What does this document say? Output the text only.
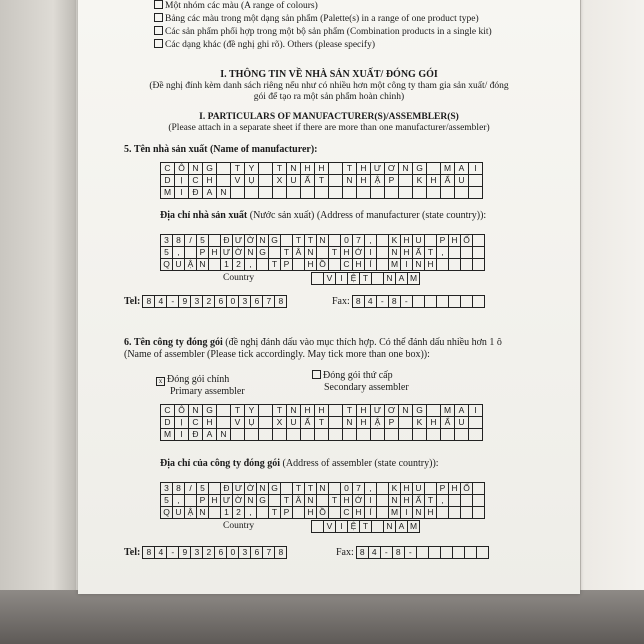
Một nhóm các màu (A range of colours)
Bảng các màu trong một dạng sản phẩm (Palette(s) in a range of one product type)
Các sản phẩm phối hợp trong một bộ sản phẩm (Combination products in a single kit)
Các dạng khác (đề nghị ghi rõ). Others (please specify)
I. THÔNG TIN VỀ NHÀ SẢN XUẤT/ ĐÓNG GÓI
(Đề nghị đính kèm danh sách riêng nếu như có nhiều hơn một công ty tham gia sản xuất/ đóng
gói để tạo ra một sản phẩm hoàn chỉnh)
I. PARTICULARS OF MANUFACTURER(S)/ASSEMBLER(S)
(Please attach in a separate sheet if there are more than one manufacturer/assembler)
5. Tên nhà sản xuất (Name of manufacturer):
C	Ô	N	G		T	Y		T	N	H	H		T	H	Ư	Ơ	N	G		M	A	I
D	Ị	C	H		V	Ụ		X	U	Ấ	T		N	H	Ậ	P		K	H	Ẩ	U	
M	I	Đ	A	N																		
Địa chỉ nhà sản xuất (Nước sản xuất) (Address of manufacturer (state country)):
3	8	/	5		Đ	Ư	Ờ	N	G		T	T	N		0	7	,		K	H	U		P	H	Ố	
5	,		P	H	Ư	Ờ	N	G		T	Â	N		T	H	Ớ	I		N	H	Ấ	T	,			
Q	U	Ậ	N		1	2	,		T	P		H	Ồ		C	H	Í		M	I	N	H				
Country
		V	I	Ệ	T		N	A	M
Tel: 8	4	-	9	3	2	6	0	3	6	7	8	Fax: 8	4	-	8	-						
6. Tên công ty đóng gói (đề nghị đánh dấu vào mục thích hợp. Có thể đánh dấu nhiều hơn 1 ô
(Name of assembler (Please tick accordingly. May tick more than one box)):
x Đóng gói chính
Primary assembler
Đóng gói thứ cấp
Secondary assembler
C	Ô	N	G		T	Y		T	N	H	H		T	H	Ư	Ơ	N	G		M	A	I
D	Ị	C	H		V	Ụ		X	U	Ấ	T		N	H	Ậ	P		K	H	Ẩ	U	
M	I	Đ	A	N																		
Địa chỉ của công ty đóng gói (Address of assembler (state country)):
3	8	/	5		Đ	Ư	Ờ	N	G		T	T	N		0	7	,		K	H	U		P	H	Ố	
5	,		P	H	Ư	Ờ	N	G		T	Â	N		T	H	Ớ	I		N	H	Ấ	T	,			
Q	U	Ậ	N		1	2	,		T	P		H	Ồ		C	H	Í		M	I	N	H				
Country
		V	I	Ệ	T		N	A	M
Tel: 8	4	-	9	3	2	6	0	3	6	7	8	Fax: 8	4	-	8	-						
